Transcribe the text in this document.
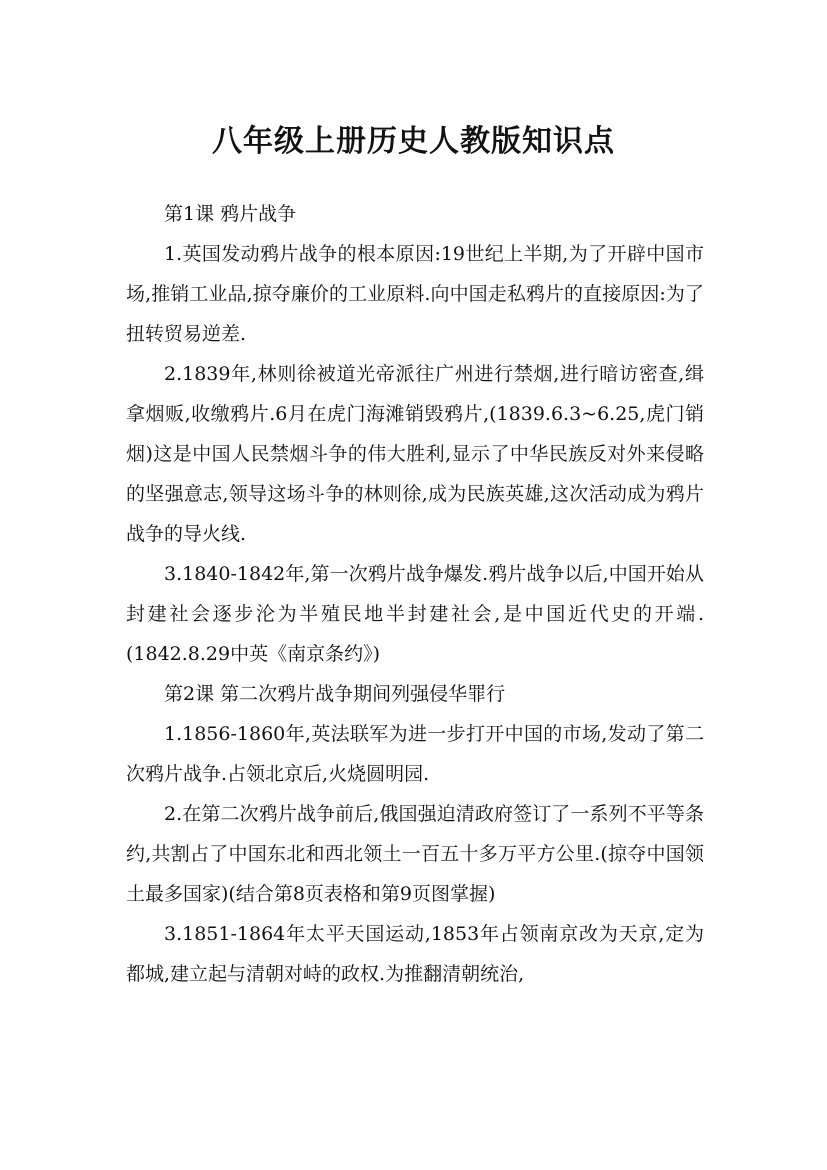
八年级上册历史人教版知识点

第1课 鸦片战争

1.英国发动鸦片战争的根本原因:19世纪上半期,为了开辟中国市场,推销工业品,掠夺廉价的工业原料.向中国走私鸦片的直接原因:为了扭转贸易逆差.

2.1839年,林则徐被道光帝派往广州进行禁烟,进行暗访密查,缉拿烟贩,收缴鸦片.6月在虎门海滩销毁鸦片,(1839.6.3~6.25,虎门销烟)这是中国人民禁烟斗争的伟大胜利,显示了中华民族反对外来侵略的坚强意志,领导这场斗争的林则徐,成为民族英雄,这次活动成为鸦片战争的导火线.

3.1840-1842年,第一次鸦片战争爆发.鸦片战争以后,中国开始从封建社会逐步沦为半殖民地半封建社会,是中国近代史的开端.(1842.8.29中英《南京条约》)

第2课 第二次鸦片战争期间列强侵华罪行

1.1856-1860年,英法联军为进一步打开中国的市场,发动了第二次鸦片战争.占领北京后,火烧圆明园.

2.在第二次鸦片战争前后,俄国强迫清政府签订了一系列不平等条约,共割占了中国东北和西北领土一百五十多万平方公里.(掠夺中国领土最多国家)(结合第8页表格和第9页图掌握)

3.1851-1864年太平天国运动,1853年占领南京改为天京,定为都城,建立起与清朝对峙的政权.为推翻清朝统治,
